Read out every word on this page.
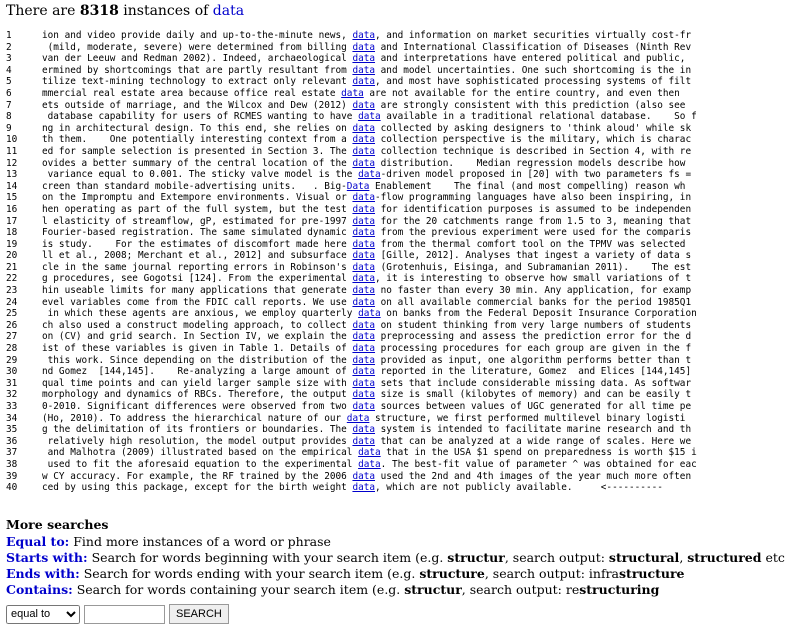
There are 8318 instances of data
1	ion and video provide daily and up-to-the-minute news, data, and information on market securities virtually cost-fr
2	(mild, moderate, severe) were determined from billing data and International Classification of Diseases (Ninth Rev
3	van der Leeuw and Redman 2002). Indeed, archaeological data and interpretations have entered political and public,
4	ermined by shortcomings that are partly resultant from data and model uncertainties. One such shortcoming is the in
5	tilize text-mining technology to extract only relevant data, and most have sophisticated processing systems of filt
6	mmercial real estate area because office real estate data are not available for the entire country, and even then
7	ets outside of marriage, and the Wilcox and Dew (2012) data are strongly consistent with this prediction (also see
8	database capability for users of RCMES wanting to have data available in a traditional relational database.    So f
9	ng in architectural design. To this end, she relies on data collected by asking designers to 'think aloud' while sk
10	th them.    One potentially interesting context from a data collection perspective is the military, which is charac
11	ed for sample selection is presented in Section 3. The data collection technique is described in Section 4, with re
12	ovides a better summary of the central location of the data distribution.    Median regression models describe how
13	variance equal to 0.001. The sticky valve model is the data-driven model proposed in [20] with two parameters fs =
14	creen than standard mobile-advertising units.   . Big-Data Enablement    The final (and most compelling) reason wh
15	on the Impromptu and Extempore environments. Visual or data-flow programming languages have also been inspiring, in
16	hen operating as part of the full system, but the test data for identification purposes is assumed to be independen
17	l elasticity of streamflow, gP, estimated for pre-1997 data for the 20 catchments range from 1.5 to 3, meaning that
18	Fourier-based registration. The same simulated dynamic data from the previous experiment were used for the comparis
19	is study.    For the estimates of discomfort made here data from the thermal comfort tool on the TPMV was selected
20	ll et al., 2008; Merchant et al., 2012] and subsurface data [Gille, 2012]. Analyses that ingest a variety of data s
21	cle in the same journal reporting errors in Robinson's data (Grotenhuis, Eisinga, and Subramanian 2011).    The est
22	g procedures, see Gogotsi [124]. From the experimental data, it is interesting to observe how small variations of t
23	hin useable limits for many applications that generate data no faster than every 30 min. Any application, for examp
24	evel variables come from the FDIC call reports. We use data on all available commercial banks for the period 1985Q1
25	in which these agents are anxious, we employ quarterly data on banks from the Federal Deposit Insurance Corporation
26	ch also used a construct modeling approach, to collect data on student thinking from very large numbers of students
27	on (CV) and grid search. In Section IV, we explain the data preprocessing and assess the prediction error for the d
28	ist of these variables is given in Table 1. Details of data processing procedures for each group are given in the f
29	this work. Since depending on the distribution of the data provided as input, one algorithm performs better than t
30	nd Gomez  [144,145].    Re-analyzing a large amount of data reported in the literature, Gomez  and Elices [144,145]
31	qual time points and can yield larger sample size with data sets that include considerable missing data. As softwar
32	morphology and dynamics of RBCs. Therefore, the output data size is small (kilobytes of memory) and can be easily t
33	0-2010. Significant differences were observed from two data sources between values of UGC generated for all time pe
34	(Ho, 2010). To address the hierarchical nature of our data structure, we first performed multilevel binary logisti
35	g the delimitation of its frontiers or boundaries. The data system is intended to facilitate marine research and th
36	relatively high resolution, the model output provides data that can be analyzed at a wide range of scales. Here we
37	and Malhotra (2009) illustrated based on the empirical data that in the USA $1 spend on preparedness is worth $15 i
38	used to fit the aforesaid equation to the experimental data. The best-fit value of parameter ^ was obtained for eac
39	w CY accuracy. For example, the RF trained by the 2006 data used the 2nd and 4th images of the year much more often
40	ced by using this package, except for the birth weight data, which are not publicly available.     <----------
More searches
Equal to: Find more instances of a word or phrase
Starts with: Search for words beginning with your search item (e.g. structur, search output: structural, structured etc
Ends with: Search for words ending with your search item (e.g. structure, search output: infrastructure
Contains: Search for words containing your search item (e.g. structur, search output: restructuring
equal to
SEARCH
